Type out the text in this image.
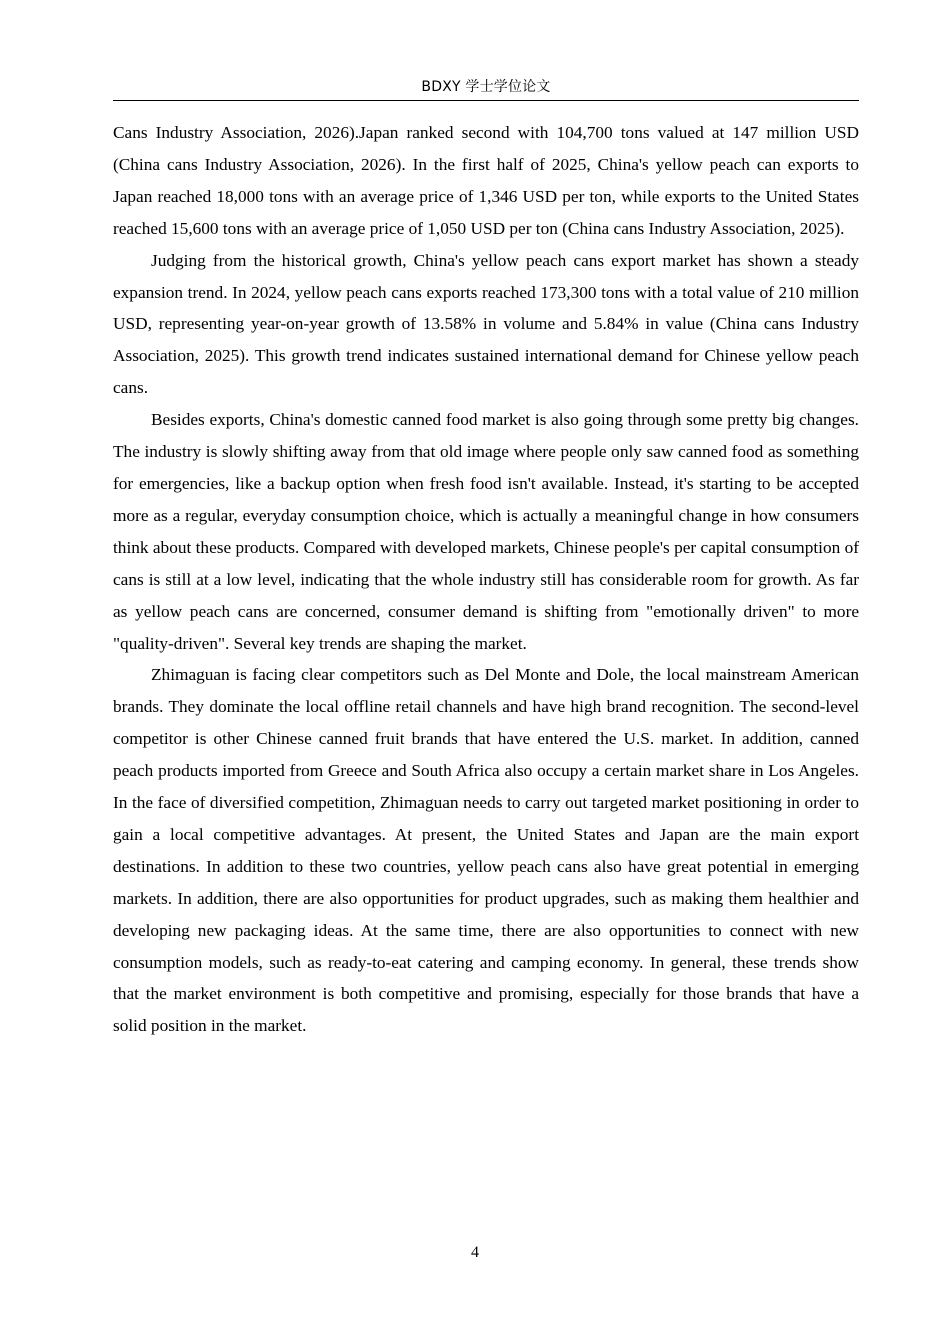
BDXY 学士学位论文

Cans Industry Association, 2026).Japan ranked second with 104,700 tons valued at 147 million USD (China cans Industry Association, 2026). In the first half of 2025, China's yellow peach can exports to Japan reached 18,000 tons with an average price of 1,346 USD per ton, while exports to the United States reached 15,600 tons with an average price of 1,050 USD per ton (China cans Industry Association, 2025).

Judging from the historical growth, China's yellow peach cans export market has shown a steady expansion trend. In 2024, yellow peach cans exports reached 173,300 tons with a total value of 210 million USD, representing year-on-year growth of 13.58% in volume and 5.84% in value (China cans Industry Association, 2025). This growth trend indicates sustained international demand for Chinese yellow peach cans.

Besides exports, China's domestic canned food market is also going through some pretty big changes. The industry is slowly shifting away from that old image where people only saw canned food as something for emergencies, like a backup option when fresh food isn't available. Instead, it's starting to be accepted more as a regular, everyday consumption choice, which is actually a meaningful change in how consumers think about these products. Compared with developed markets, Chinese people's per capital consumption of cans is still at a low level, indicating that the whole industry still has considerable room for growth. As far as yellow peach cans are concerned, consumer demand is shifting from "emotionally driven" to more "quality-driven". Several key trends are shaping the market.

Zhimaguan is facing clear competitors such as Del Monte and Dole, the local mainstream American brands. They dominate the local offline retail channels and have high brand recognition. The second-level competitor is other Chinese canned fruit brands that have entered the U.S. market. In addition, canned peach products imported from Greece and South Africa also occupy a certain market share in Los Angeles. In the face of diversified competition, Zhimaguan needs to carry out targeted market positioning in order to gain a local competitive advantages. At present, the United States and Japan are the main export destinations. In addition to these two countries, yellow peach cans also have great potential in emerging markets. In addition, there are also opportunities for product upgrades, such as making them healthier and developing new packaging ideas. At the same time, there are also opportunities to connect with new consumption models, such as ready-to-eat catering and camping economy. In general, these trends show that the market environment is both competitive and promising, especially for those brands that have a solid position in the market.

4
